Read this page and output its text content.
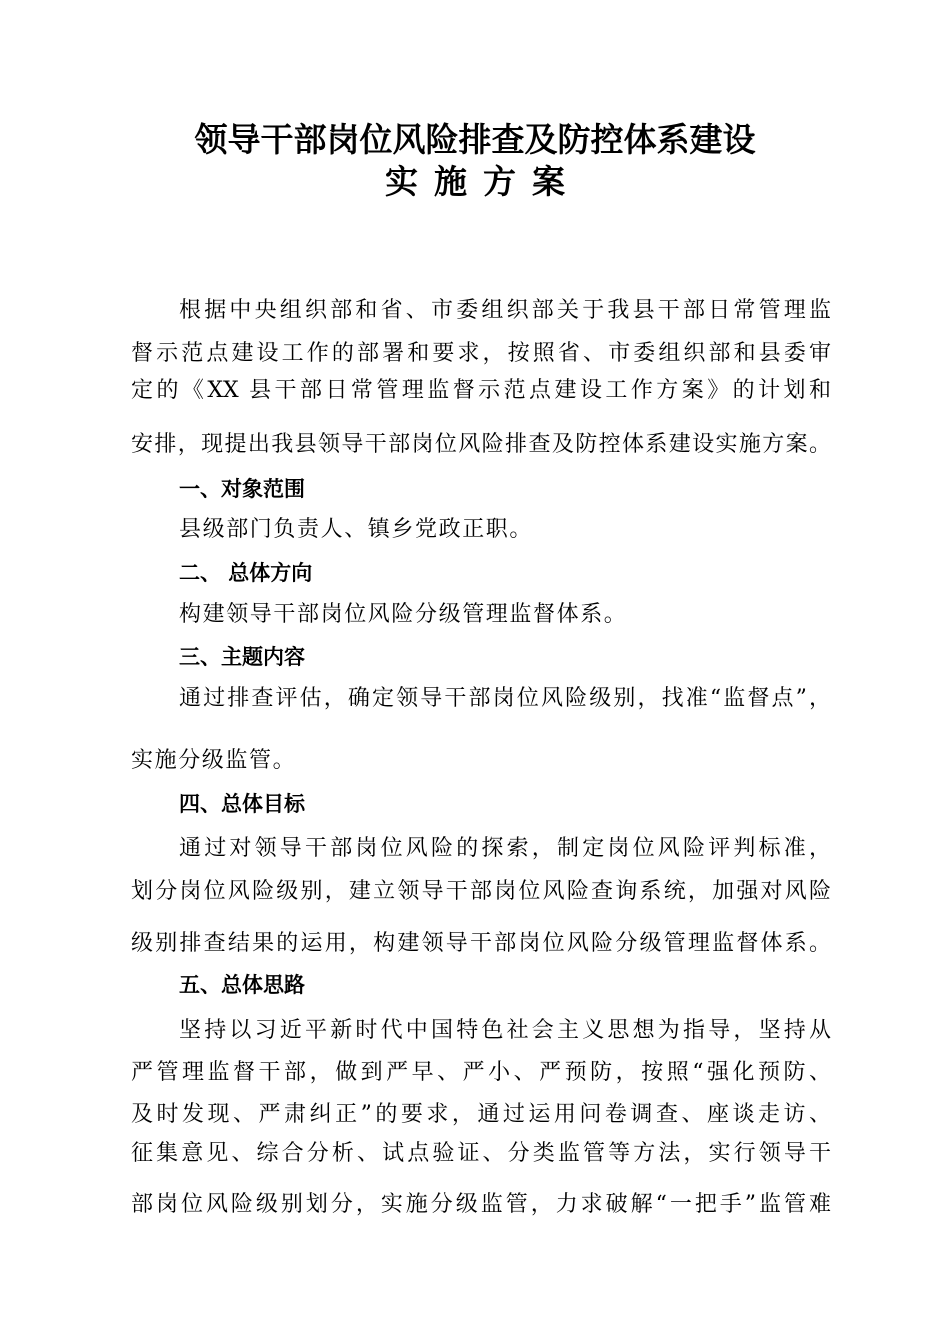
领导干部岗位风险排查及防控体系建设
实施方案
根据中央组织部和省、市委组织部关于我县干部日常管理监
督示范点建设工作的部署和要求，按照省、市委组织部和县委审
定的《XX 县干部日常管理监督示范点建设工作方案》的计划和
安排，现提出我县领导干部岗位风险排查及防控体系建设实施方案。
一、对象范围
县级部门负责人、镇乡党政正职。
二、 总体方向
构建领导干部岗位风险分级管理监督体系。
三、主题内容
通过排查评估，确定领导干部岗位风险级别，找准“监督点”，
实施分级监管。
四、总体目标
通过对领导干部岗位风险的探索，制定岗位风险评判标准，
划分岗位风险级别，建立领导干部岗位风险查询系统，加强对风险
级别排查结果的运用，构建领导干部岗位风险分级管理监督体系。
五、总体思路
坚持以习近平新时代中国特色社会主义思想为指导，坚持从
严管理监督干部，做到严早、严小、严预防，按照“强化预防、
及时发现、严肃纠正”的要求，通过运用问卷调查、座谈走访、
征集意见、综合分析、试点验证、分类监管等方法，实行领导干
部岗位风险级别划分，实施分级监管，力求破解“一把手”监管难
